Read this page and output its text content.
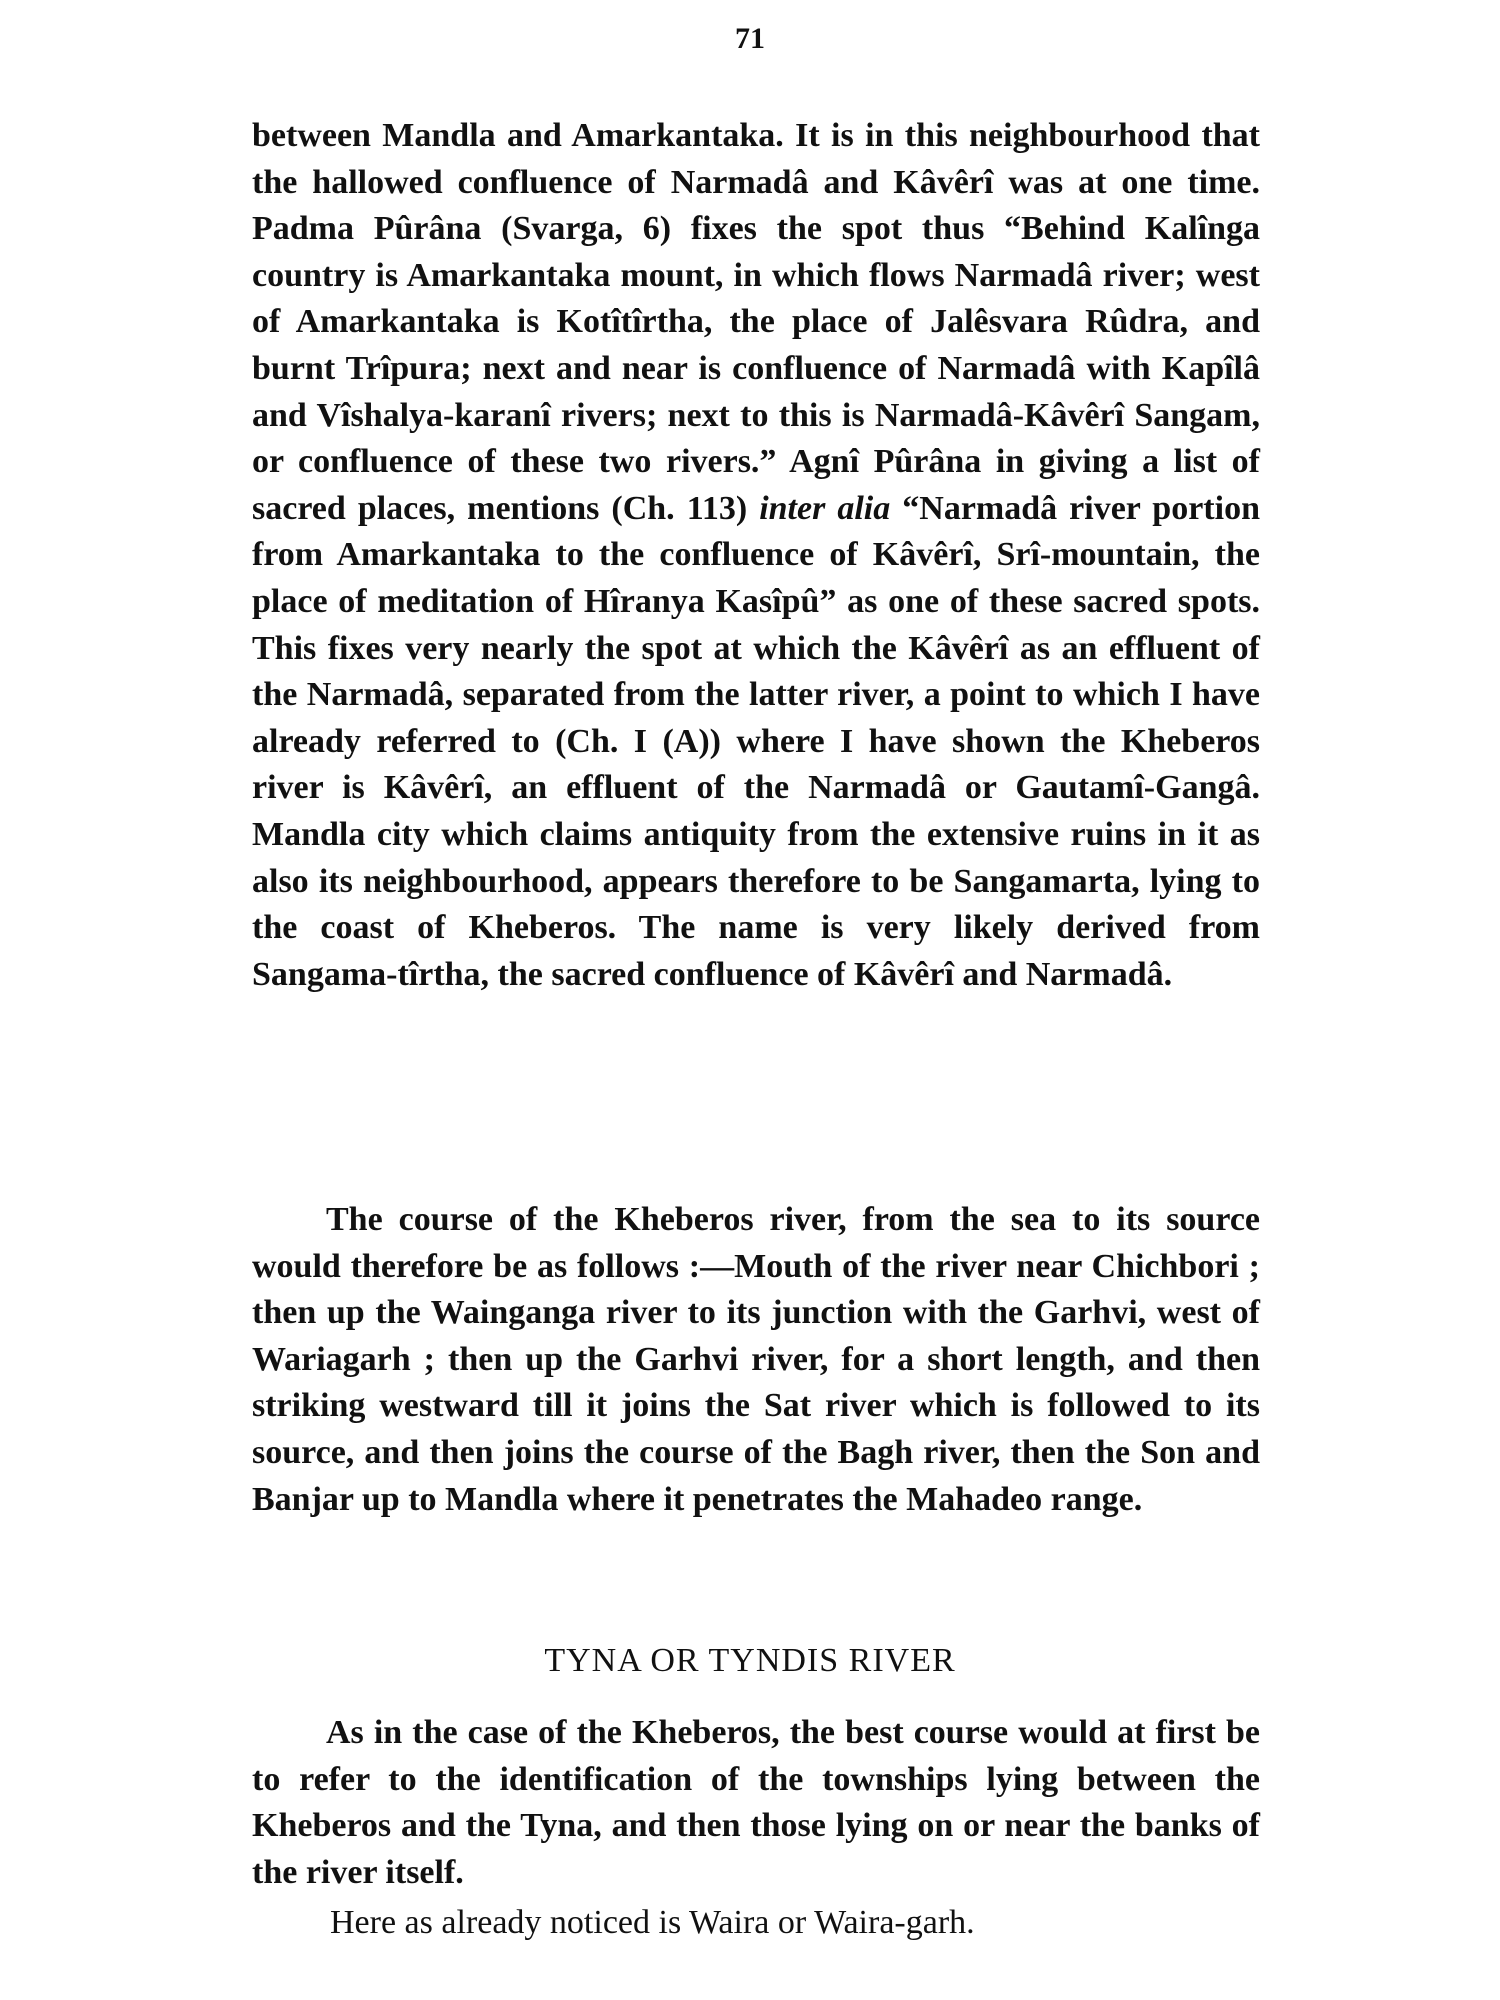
71

between Mandla and Amarkantaka. It is in this neighbourhood that the hallowed confluence of Narmadâ and Kâvêrî was at one time. Padma Pûrâna (Svarga, 6) fixes the spot thus “Behind Kalînga country is Amarkantaka mount, in which flows Narmadâ river; west of Amarkantaka is Kotîtîrtha, the place of Jalêsvara Rûdra, and burnt Trîpura; next and near is confluence of Narmadâ with Kapîlâ and Vîshalya-karanî rivers; next to this is Narmadâ-Kâvêrî Sangam, or confluence of these two rivers.” Agnî Pûrâna in giving a list of sacred places, mentions (Ch. 113) inter alia “Narmadâ river portion from Amarkantaka to the confluence of Kâvêrî, Srî-mountain, the place of meditation of Hîranya Kasîpû” as one of these sacred spots. This fixes very nearly the spot at which the Kâvêrî as an effluent of the Narmadâ, separated from the latter river, a point to which I have already referred to (Ch. I (A)) where I have shown the Kheberos river is Kâvêrî, an effluent of the Narmadâ or Gautamî-Gangâ. Mandla city which claims antiquity from the extensive ruins in it as also its neighbourhood, appears therefore to be Sangamarta, lying to the coast of Kheberos. The name is very likely derived from Sangama-tîrtha, the sacred confluence of Kâvêrî and Narmadâ.

The course of the Kheberos river, from the sea to its source would therefore be as follows :—Mouth of the river near Chichbori ; then up the Wainganga river to its junction with the Garhvi, west of Wariagarh ; then up the Garhvi river, for a short length, and then striking westward till it joins the Sat river which is followed to its source, and then joins the course of the Bagh river, then the Son and Banjar up to Mandla where it penetrates the Mahadeo range.

TYNA OR TYNDIS RIVER

As in the case of the Kheberos, the best course would at first be to refer to the identification of the townships lying between the Kheberos and the Tyna, and then those lying on or near the banks of the river itself.

Here as already noticed is Waira or Waira-garh.
